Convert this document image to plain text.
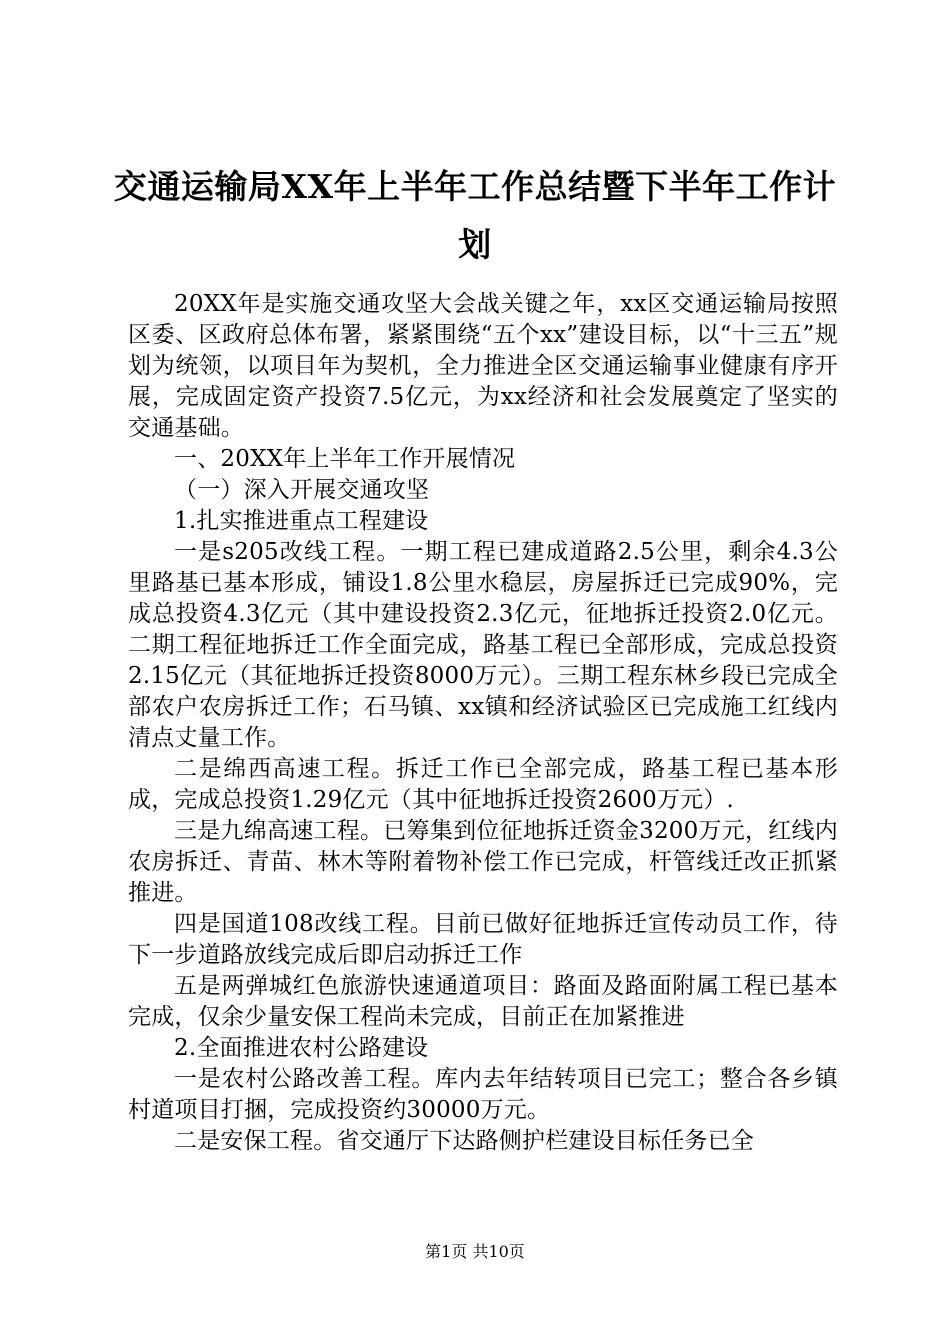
交通运输局XX年上半年工作总结暨下半年工作计划

20XX年是实施交通攻坚大会战关键之年，xx区交通运输局按照区委、区政府总体布署，紧紧围绕“五个xx”建设目标，以“十三五”规划为统领，以项目年为契机，全力推进全区交通运输事业健康有序开展，完成固定资产投资7.5亿元，为xx经济和社会发展奠定了坚实的交通基础。

一、20XX年上半年工作开展情况

（一）深入开展交通攻坚

1.扎实推进重点工程建设

一是s205改线工程。一期工程已建成道路2.5公里，剩余4.3公里路基已基本形成，铺设1.8公里水稳层，房屋拆迁已完成90%，完成总投资4.3亿元（其中建设投资2.3亿元，征地拆迁投资2.0亿元。二期工程征地拆迁工作全面完成，路基工程已全部形成，完成总投资2.15亿元（其征地拆迁投资8000万元）。三期工程东林乡段已完成全部农户农房拆迁工作；石马镇、xx镇和经济试验区已完成施工红线内清点丈量工作。

二是绵西高速工程。拆迁工作已全部完成，路基工程已基本形成，完成总投资1.29亿元（其中征地拆迁投资2600万元）.

三是九绵高速工程。已筹集到位征地拆迁资金3200万元，红线内农房拆迁、青苗、林木等附着物补偿工作已完成，杆管线迁改正抓紧推进。

四是国道108改线工程。目前已做好征地拆迁宣传动员工作，待下一步道路放线完成后即启动拆迁工作

五是两弹城红色旅游快速通道项目：路面及路面附属工程已基本完成，仅余少量安保工程尚未完成，目前正在加紧推进

2.全面推进农村公路建设

一是农村公路改善工程。库内去年结转项目已完工；整合各乡镇村道项目打捆，完成投资约30000万元。

二是安保工程。省交通厅下达路侧护栏建设目标任务已全

第1页 共10页
